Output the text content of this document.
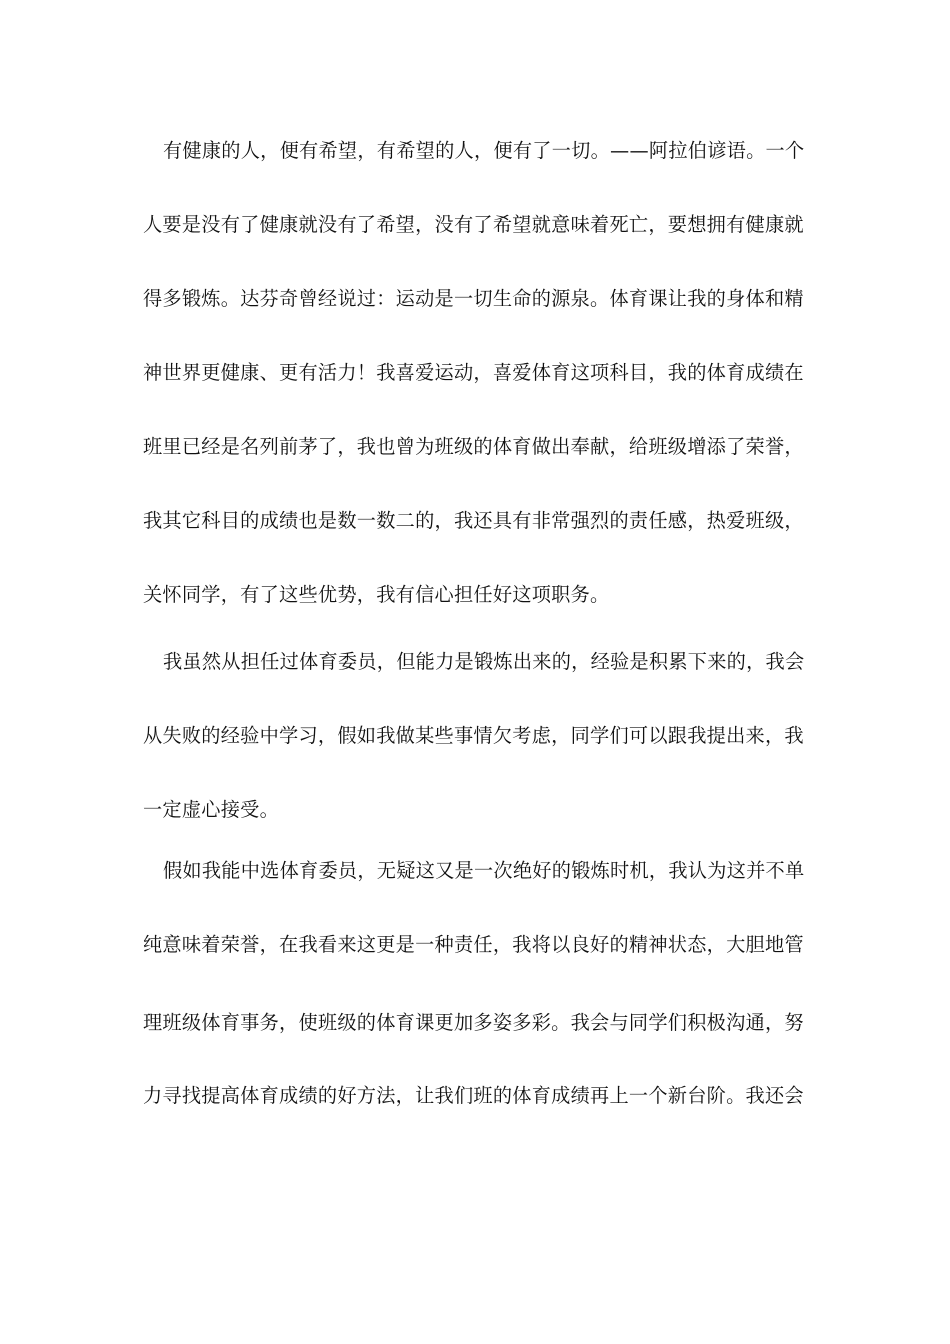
有健康的人，便有希望，有希望的人，便有了一切。——阿拉伯谚语。一个
人要是没有了健康就没有了希望，没有了希望就意味着死亡，要想拥有健康就
得多锻炼。达芬奇曾经说过：运动是一切生命的源泉。体育课让我的身体和精
神世界更健康、更有活力！我喜爱运动，喜爱体育这项科目，我的体育成绩在
班里已经是名列前茅了，我也曾为班级的体育做出奉献，给班级增添了荣誉，
我其它科目的成绩也是数一数二的，我还具有非常强烈的责任感，热爱班级，
关怀同学，有了这些优势，我有信心担任好这项职务。
我虽然从担任过体育委员，但能力是锻炼出来的，经验是积累下来的，我会
从失败的经验中学习，假如我做某些事情欠考虑，同学们可以跟我提出来，我
一定虚心接受。
假如我能中选体育委员，无疑这又是一次绝好的锻炼时机，我认为这并不单
纯意味着荣誉，在我看来这更是一种责任，我将以良好的精神状态，大胆地管
理班级体育事务，使班级的体育课更加多姿多彩。我会与同学们积极沟通，努
力寻找提高体育成绩的好方法，让我们班的体育成绩再上一个新台阶。我还会
